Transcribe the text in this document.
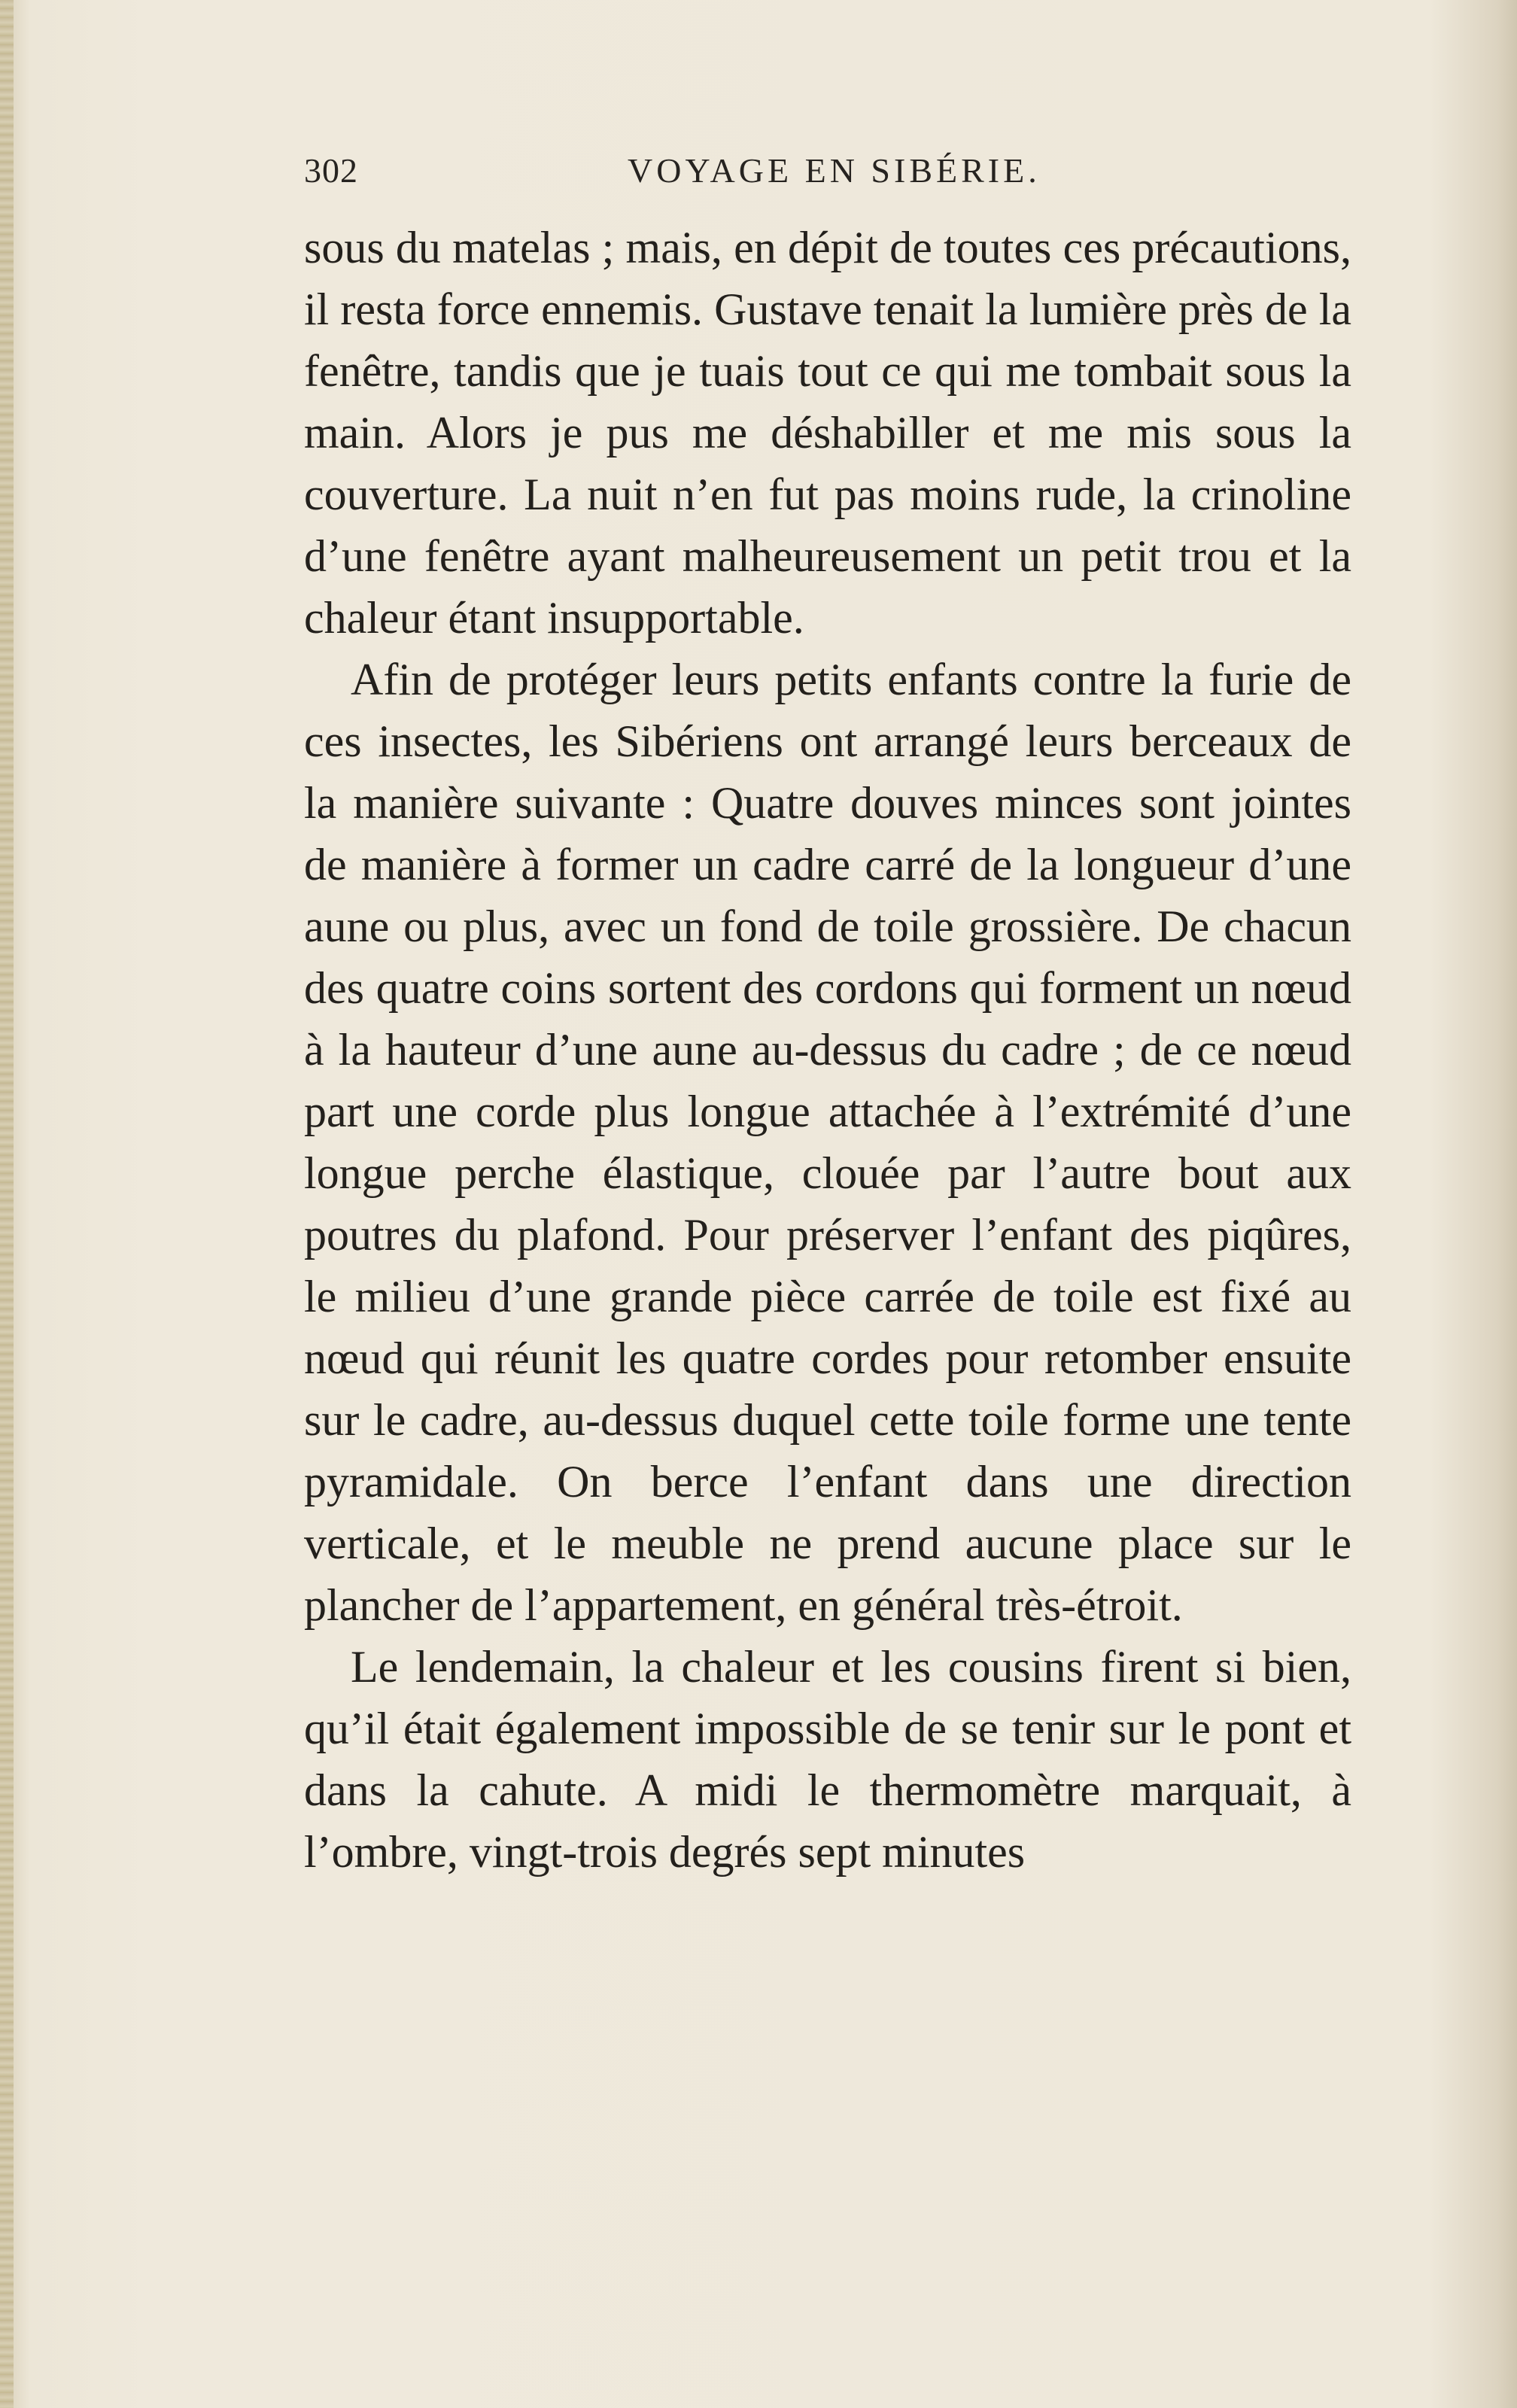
302	VOYAGE EN SIBÉRIE.

sous du matelas ; mais, en dépit de toutes ces précautions, il resta force ennemis. Gustave tenait la lumière près de la fenêtre, tandis que je tuais tout ce qui me tombait sous la main. Alors je pus me déshabiller et me mis sous la couverture. La nuit n’en fut pas moins rude, la crinoline d’une fenêtre ayant malheureusement un petit trou et la chaleur étant insupportable.

Afin de protéger leurs petits enfants contre la furie de ces insectes, les Sibériens ont arrangé leurs berceaux de la manière suivante : Quatre douves minces sont jointes de manière à former un cadre carré de la longueur d’une aune ou plus, avec un fond de toile grossière. De chacun des quatre coins sortent des cordons qui forment un nœud à la hauteur d’une aune au-dessus du cadre ; de ce nœud part une corde plus longue attachée à l’extrémité d’une longue perche élastique, clouée par l’autre bout aux poutres du plafond. Pour préserver l’enfant des piqûres, le milieu d’une grande pièce carrée de toile est fixé au nœud qui réunit les quatre cordes pour retomber ensuite sur le cadre, au-dessus duquel cette toile forme une tente pyramidale. On berce l’enfant dans une direction verticale, et le meuble ne prend aucune place sur le plancher de l’appartement, en général très-étroit.

Le lendemain, la chaleur et les cousins firent si bien, qu’il était également impossible de se tenir sur le pont et dans la cahute. A midi le thermomètre marquait, à l’ombre, vingt-trois degrés sept minutes
